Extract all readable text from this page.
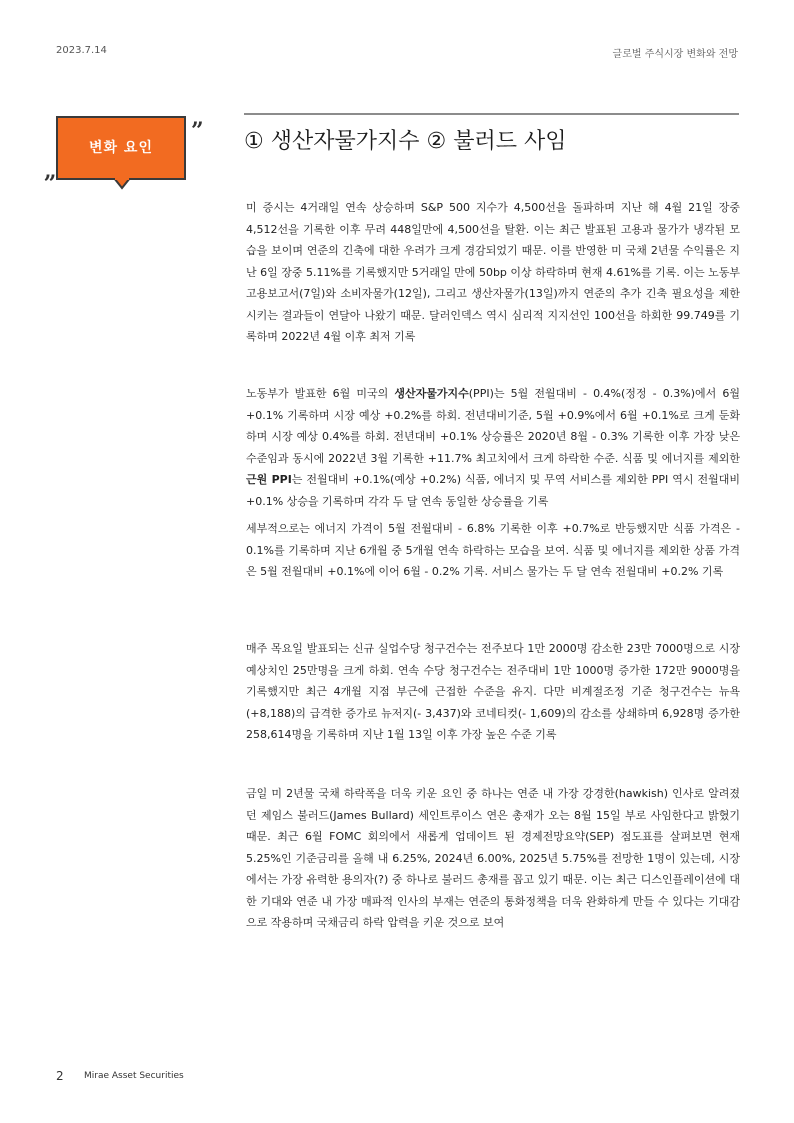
2023.7.14	글로벌 주식시장 변화와 전망
변화 요인
”
„
① 생산자물가지수 ② 불러드 사임

미 증시는 4거래일 연속 상승하며 S&P 500 지수가 4,500선을 돌파하며 지난 해 4월 21일 장중 4,512선을 기록한 이후 무려 448일만에 4,500선을 탈환. 이는 최근 발표된 고용과 물가가 냉각된 모습을 보이며 연준의 긴축에 대한 우려가 크게 경감되었기 때문. 이를 반영한 미 국채 2년물 수익률은 지난 6일 장중 5.11%를 기록했지만 5거래일 만에 50bp 이상 하락하며 현재 4.61%를 기록. 이는 노동부 고용보고서(7일)와 소비자물가(12일), 그리고 생산자물가(13일)까지 연준의 추가 긴축 필요성을 제한시키는 결과들이 연달아 나왔기 때문. 달러인덱스 역시 심리적 지지선인 100선을 하회한 99.749를 기록하며 2022년 4월 이후 최저 기록

노동부가 발표한 6월 미국의 생산자물가지수(PPI)는 5월 전월대비 - 0.4%(정정 - 0.3%)에서 6월 +0.1% 기록하며 시장 예상 +0.2%를 하회. 전년대비기준, 5월 +0.9%에서 6월 +0.1%로 크게 둔화하며 시장 예상 0.4%를 하회. 전년대비 +0.1% 상승률은 2020년 8월 - 0.3% 기록한 이후 가장 낮은 수준임과 동시에 2022년 3월 기록한 +11.7% 최고치에서 크게 하락한 수준. 식품 및 에너지를 제외한 근원 PPI는 전월대비 +0.1%(예상 +0.2%) 식품, 에너지 및 무역 서비스를 제외한 PPI 역시 전월대비 +0.1% 상승을 기록하며 각각 두 달 연속 동일한 상승률을 기록

세부적으로는 에너지 가격이 5월 전월대비 - 6.8% 기록한 이후 +0.7%로 반등했지만 식품 가격은 - 0.1%를 기록하며 지난 6개월 중 5개월 연속 하락하는 모습을 보여. 식품 및 에너지를 제외한 상품 가격은 5월 전월대비 +0.1%에 이어 6월 - 0.2% 기록. 서비스 물가는 두 달 연속 전월대비 +0.2% 기록

매주 목요일 발표되는 신규 실업수당 청구건수는 전주보다 1만 2000명 감소한 23만 7000명으로 시장 예상치인 25만명을 크게 하회. 연속 수당 청구건수는 전주대비 1만 1000명 증가한 172만 9000명을 기록했지만 최근 4개월 지점 부근에 근접한 수준을 유지. 다만 비계절조정 기준 청구건수는 뉴욕(+8,188)의 급격한 증가로 뉴저지(- 3,437)와 코네티컷(- 1,609)의 감소를 상쇄하며 6,928명 증가한 258,614명을 기록하며 지난 1월 13일 이후 가장 높은 수준 기록

금일 미 2년물 국채 하락폭을 더욱 키운 요인 중 하나는 연준 내 가장 강경한(hawkish) 인사로 알려졌던 제임스 불러드(James Bullard) 세인트루이스 연은 총재가 오는 8월 15일 부로 사임한다고 밝혔기 때문. 최근 6월 FOMC 회의에서 새롭게 업데이트 된 경제전망요약(SEP) 점도표를 살펴보면 현재 5.25%인 기준금리를 올해 내 6.25%, 2024년 6.00%, 2025년 5.75%를 전망한 1명이 있는데, 시장에서는 가장 유력한 용의자(?) 중 하나로 불러드 총재를 꼽고 있기 때문. 이는 최근 디스인플레이션에 대한 기대와 연준 내 가장 매파적 인사의 부재는 연준의 통화정책을 더욱 완화하게 만들 수 있다는 기대감으로 작용하며 국채금리 하락 압력을 키운 것으로 보여

2 Mirae Asset Securities
